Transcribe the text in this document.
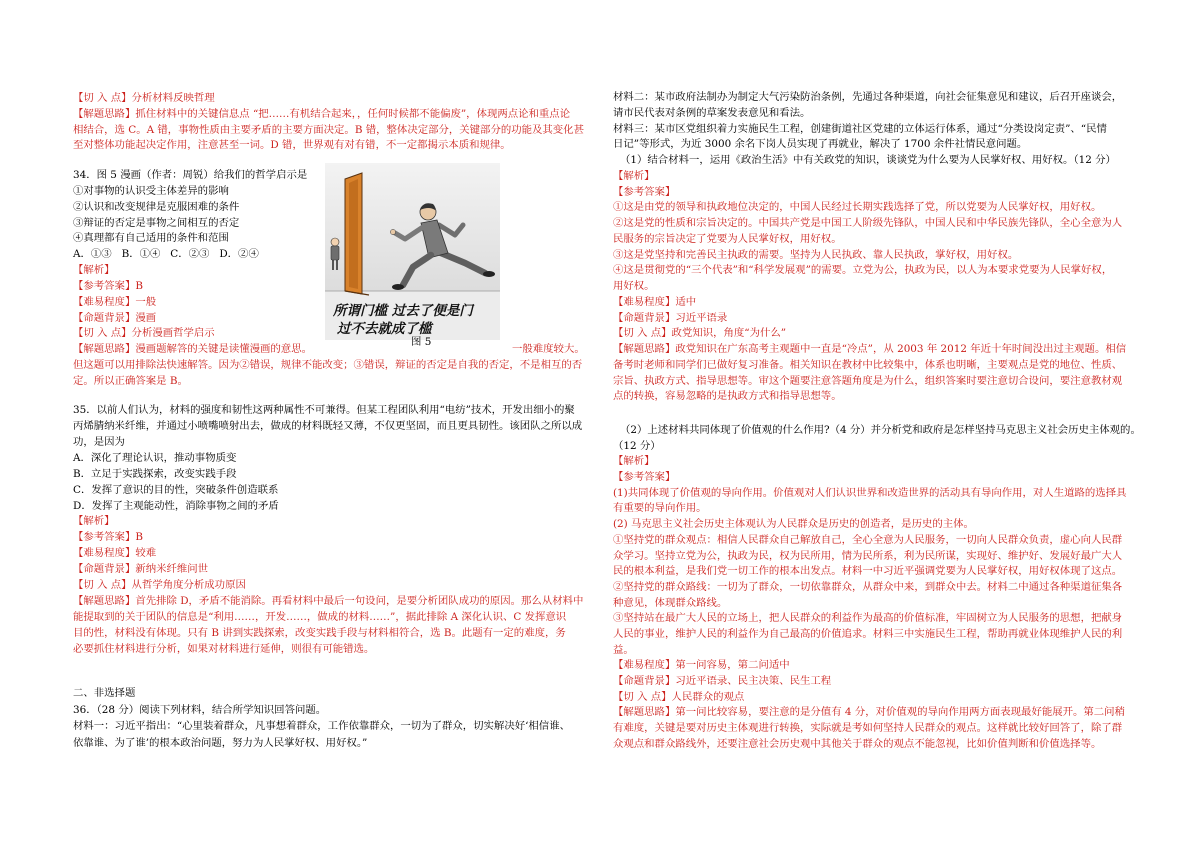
【切 入 点】分析材料反映哲理
【解题思路】抓住材料中的关键信息点 “把……有机结合起来，，任何时候都不能偏废”，体现两点论和重点论
相结合，选 C。A 错，事物性质由主要矛盾的主要方面决定。B 错，整体决定部分，关键部分的功能及其变化甚
至对整体功能起决定作用，注意甚至一词。D 错，世界观有对有错，不一定都揭示本质和规律。
34．图 5 漫画（作者：周锐）给我们的哲学启示是
①对事物的认识受主体差异的影响
②认识和改变规律是克服困难的条件
③辩证的否定是事物之间相互的否定
④真理都有自己适用的条件和范围
A．①③   B．①④   C．②③   D．②④
【解析】
【参考答案】B
【难易程度】一般
【命题背景】漫画
【切 入 点】分析漫画哲学启示
【解题思路】漫画题解答的关键是读懂漫画的意思。	一般难度较大。
但这题可以用排除法快速解答。因为②错误，规律不能改变；③错误，辩证的否定是自我的否定，不是相互的否
定。所以正确答案是 B。
35．以前人们认为，材料的强度和韧性这两种属性不可兼得。但某工程团队利用“电纺”技术，开发出细小的聚
丙烯腈纳米纤维，并通过小喷嘴喷射出去，做成的材料既轻又薄，不仅更坚固，而且更具韧性。该团队之所以成
功，是因为
A．深化了理论认识，推动事物质变
B．立足于实践探索，改变实践手段
C．发挥了意识的目的性，突破条件创造联系
D．发挥了主观能动性，消除事物之间的矛盾
【解析】
【参考答案】B
【难易程度】较难
【命题背景】新纳米纤维问世
【切 入 点】从哲学角度分析成功原因
【解题思路】首先排除 D，矛盾不能消除。再看材料中最后一句设问，是要分析团队成功的原因。那么从材料中
能提取到的关于团队的信息是“利用……，开发……，做成的材料……”，据此排除 A 深化认识、C 发挥意识
目的性，材料没有体现。只有 B 讲到实践探索，改变实践手段与材料相符合，选 B。此题有一定的难度，务
必要抓住材料进行分析，如果对材料进行延伸，则很有可能错选。
二、非选择题
36．（28 分）阅读下列材料，结合所学知识回答问题。
材料一：习近平指出：“心里装着群众，凡事想着群众，工作依靠群众，一切为了群众，切实解决好‘相信谁、
依靠谁、为了谁’的根本政治问题，努力为人民掌好权、用好权。”
材料二：某市政府法制办为制定大气污染防治条例，先通过各种渠道，向社会征集意见和建议，后召开座谈会，
请市民代表对条例的草案发表意见和看法。
材料三：某市区党组织着力实施民生工程，创建街道社区党建的立体运行体系，通过“分类设岗定责”、“民情
日记”等形式，为近 3000 余名下岗人员实现了再就业，解决了 1700 余件社情民意问题。
（1）结合材料一，运用《政治生活》中有关政党的知识，谈谈党为什么要为人民掌好权、用好权。（12 分）
【解析】
【参考答案】
①这是由党的领导和执政地位决定的，中国人民经过长期实践选择了党，所以党要为人民掌好权，用好权。
②这是党的性质和宗旨决定的。中国共产党是中国工人阶级先锋队，中国人民和中华民族先锋队，全心全意为人
民服务的宗旨决定了党要为人民掌好权，用好权。
③这是党坚持和完善民主执政的需要。坚持为人民执政、靠人民执政，掌好权，用好权。
④这是贯彻党的“三个代表”和“科学发展观”的需要。立党为公，执政为民，以人为本要求党要为人民掌好权，
用好权。
【难易程度】适中
【命题背景】习近平语录
【切 入 点】政党知识，角度“为什么”
【解题思路】政党知识在广东高考主观题中一直是“冷点”，从 2003 年 2012 年近十年时间没出过主观题。相信
备考时老师和同学们已做好复习准备。相关知识在教材中比较集中，体系也明晰，主要观点是党的地位、性质、
宗旨、执政方式、指导思想等。审这个题要注意答题角度是为什么，组织答案时要注意切合设问，要注意教材观
点的转换，容易忽略的是执政方式和指导思想等。
（2）上述材料共同体现了价值观的什么作用?（4 分）并分析党和政府是怎样坚持马克思主义社会历史主体观的。
（12 分）
【解析】
【参考答案】
(1)共同体现了价值观的导向作用。价值观对人们认识世界和改造世界的活动具有导向作用，对人生道路的选择具
有重要的导向作用。
(2) 马克思主义社会历史主体观认为人民群众是历史的创造者，是历史的主体。
①坚持党的群众观点：相信人民群众自己解放自己，全心全意为人民服务，一切向人民群众负责，虚心向人民群
众学习。坚持立党为公，执政为民，权为民所用，情为民所系，利为民所谋，实现好、维护好、发展好最广大人
民的根本利益，是我们党一切工作的根本出发点。材料一中习近平强调党要为人民掌好权，用好权体现了这点。
②坚持党的群众路线：一切为了群众，一切依靠群众，从群众中来，到群众中去。材料二中通过各种渠道征集各
种意见，体现群众路线。
③坚持站在最广大人民的立场上，把人民群众的利益作为最高的价值标准，牢固树立为人民服务的思想，把献身
人民的事业，维护人民的利益作为自己最高的价值追求。材料三中实施民生工程，帮助再就业体现维护人民的利
益。
【难易程度】第一问容易，第二问适中
【命题背景】习近平语录、民主决策、民生工程
【切 入 点】人民群众的观点
【解题思路】第一问比较容易，要注意的是分值有 4 分，对价值观的导向作用两方面表现最好能展开。第二问稍
有难度，关键是要对历史主体观进行转换，实际就是考如何坚持人民群众的观点。这样就比较好回答了，除了群
众观点和群众路线外，还要注意社会历史观中其他关于群众的观点不能忽视，比如价值判断和价值选择等。
所谓门槛 过去了便是门
过不去就成了槛
图 5
